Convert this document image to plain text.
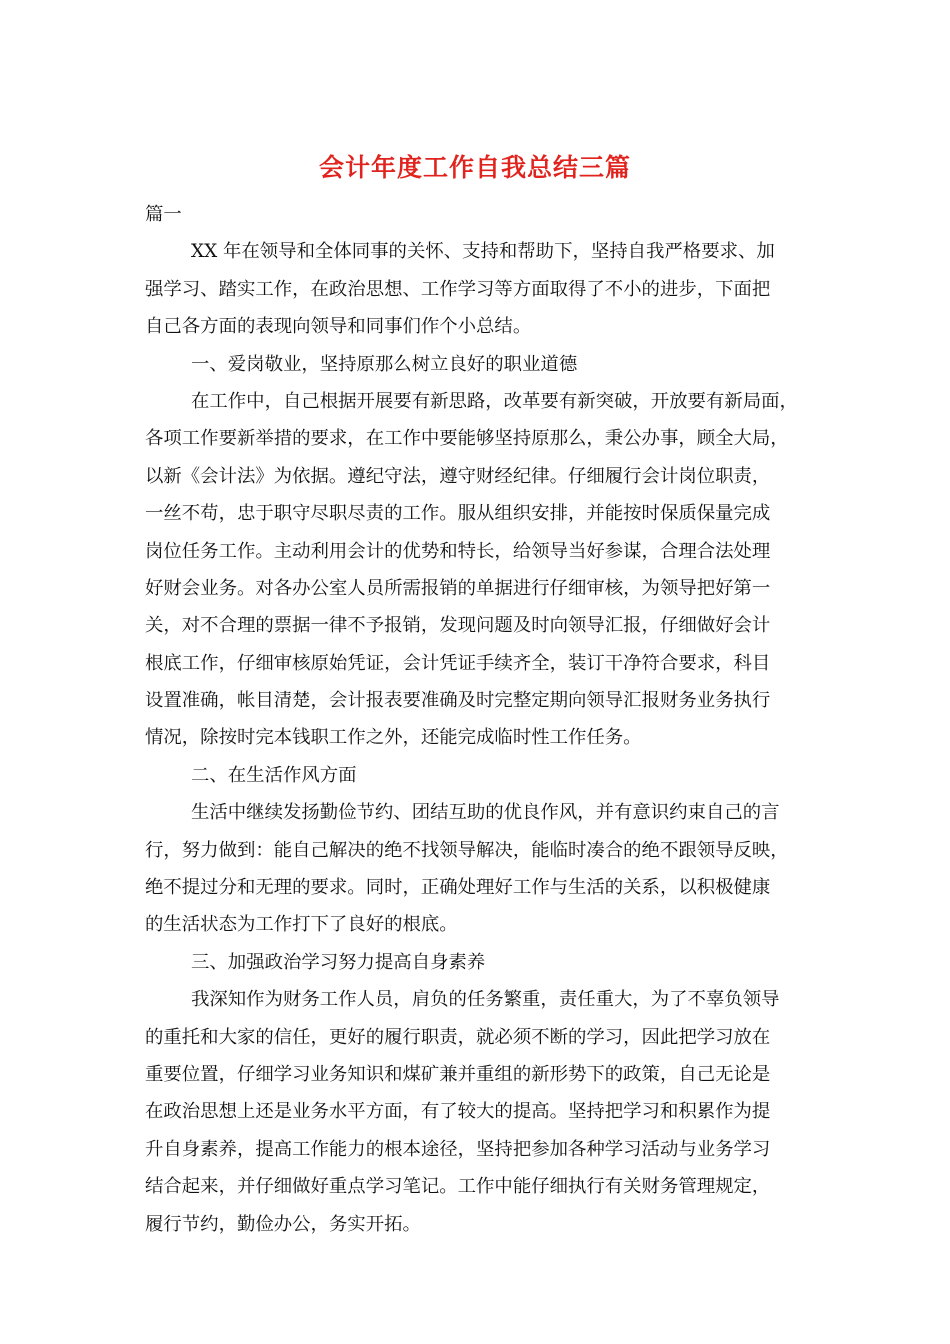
会计年度工作自我总结三篇
篇一
XX 年在领导和全体同事的关怀、支持和帮助下，坚持自我严格要求、加
强学习、踏实工作，在政治思想、工作学习等方面取得了不小的进步，下面把
自己各方面的表现向领导和同事们作个小总结。
一、爱岗敬业，坚持原那么树立良好的职业道德
在工作中，自己根据开展要有新思路，改革要有新突破，开放要有新局面，
各项工作要新举措的要求，在工作中要能够坚持原那么，秉公办事，顾全大局，
以新《会计法》为依据。遵纪守法，遵守财经纪律。仔细履行会计岗位职责，
一丝不苟，忠于职守尽职尽责的工作。服从组织安排，并能按时保质保量完成
岗位任务工作。主动利用会计的优势和特长，给领导当好参谋，合理合法处理
好财会业务。对各办公室人员所需报销的单据进行仔细审核，为领导把好第一
关，对不合理的票据一律不予报销，发现问题及时向领导汇报，仔细做好会计
根底工作，仔细审核原始凭证，会计凭证手续齐全，装订干净符合要求，科目
设置准确，帐目清楚，会计报表要准确及时完整定期向领导汇报财务业务执行
情况，除按时完本钱职工作之外，还能完成临时性工作任务。
二、在生活作风方面
生活中继续发扬勤俭节约、团结互助的优良作风，并有意识约束自己的言
行，努力做到：能自己解决的绝不找领导解决，能临时凑合的绝不跟领导反映，
绝不提过分和无理的要求。同时，正确处理好工作与生活的关系，以积极健康
的生活状态为工作打下了良好的根底。
三、加强政治学习努力提高自身素养
我深知作为财务工作人员，肩负的任务繁重，责任重大，为了不辜负领导
的重托和大家的信任，更好的履行职责，就必须不断的学习，因此把学习放在
重要位置，仔细学习业务知识和煤矿兼并重组的新形势下的政策，自己无论是
在政治思想上还是业务水平方面，有了较大的提高。坚持把学习和积累作为提
升自身素养，提高工作能力的根本途径，坚持把参加各种学习活动与业务学习
结合起来，并仔细做好重点学习笔记。工作中能仔细执行有关财务管理规定，
履行节约，勤俭办公，务实开拓。
